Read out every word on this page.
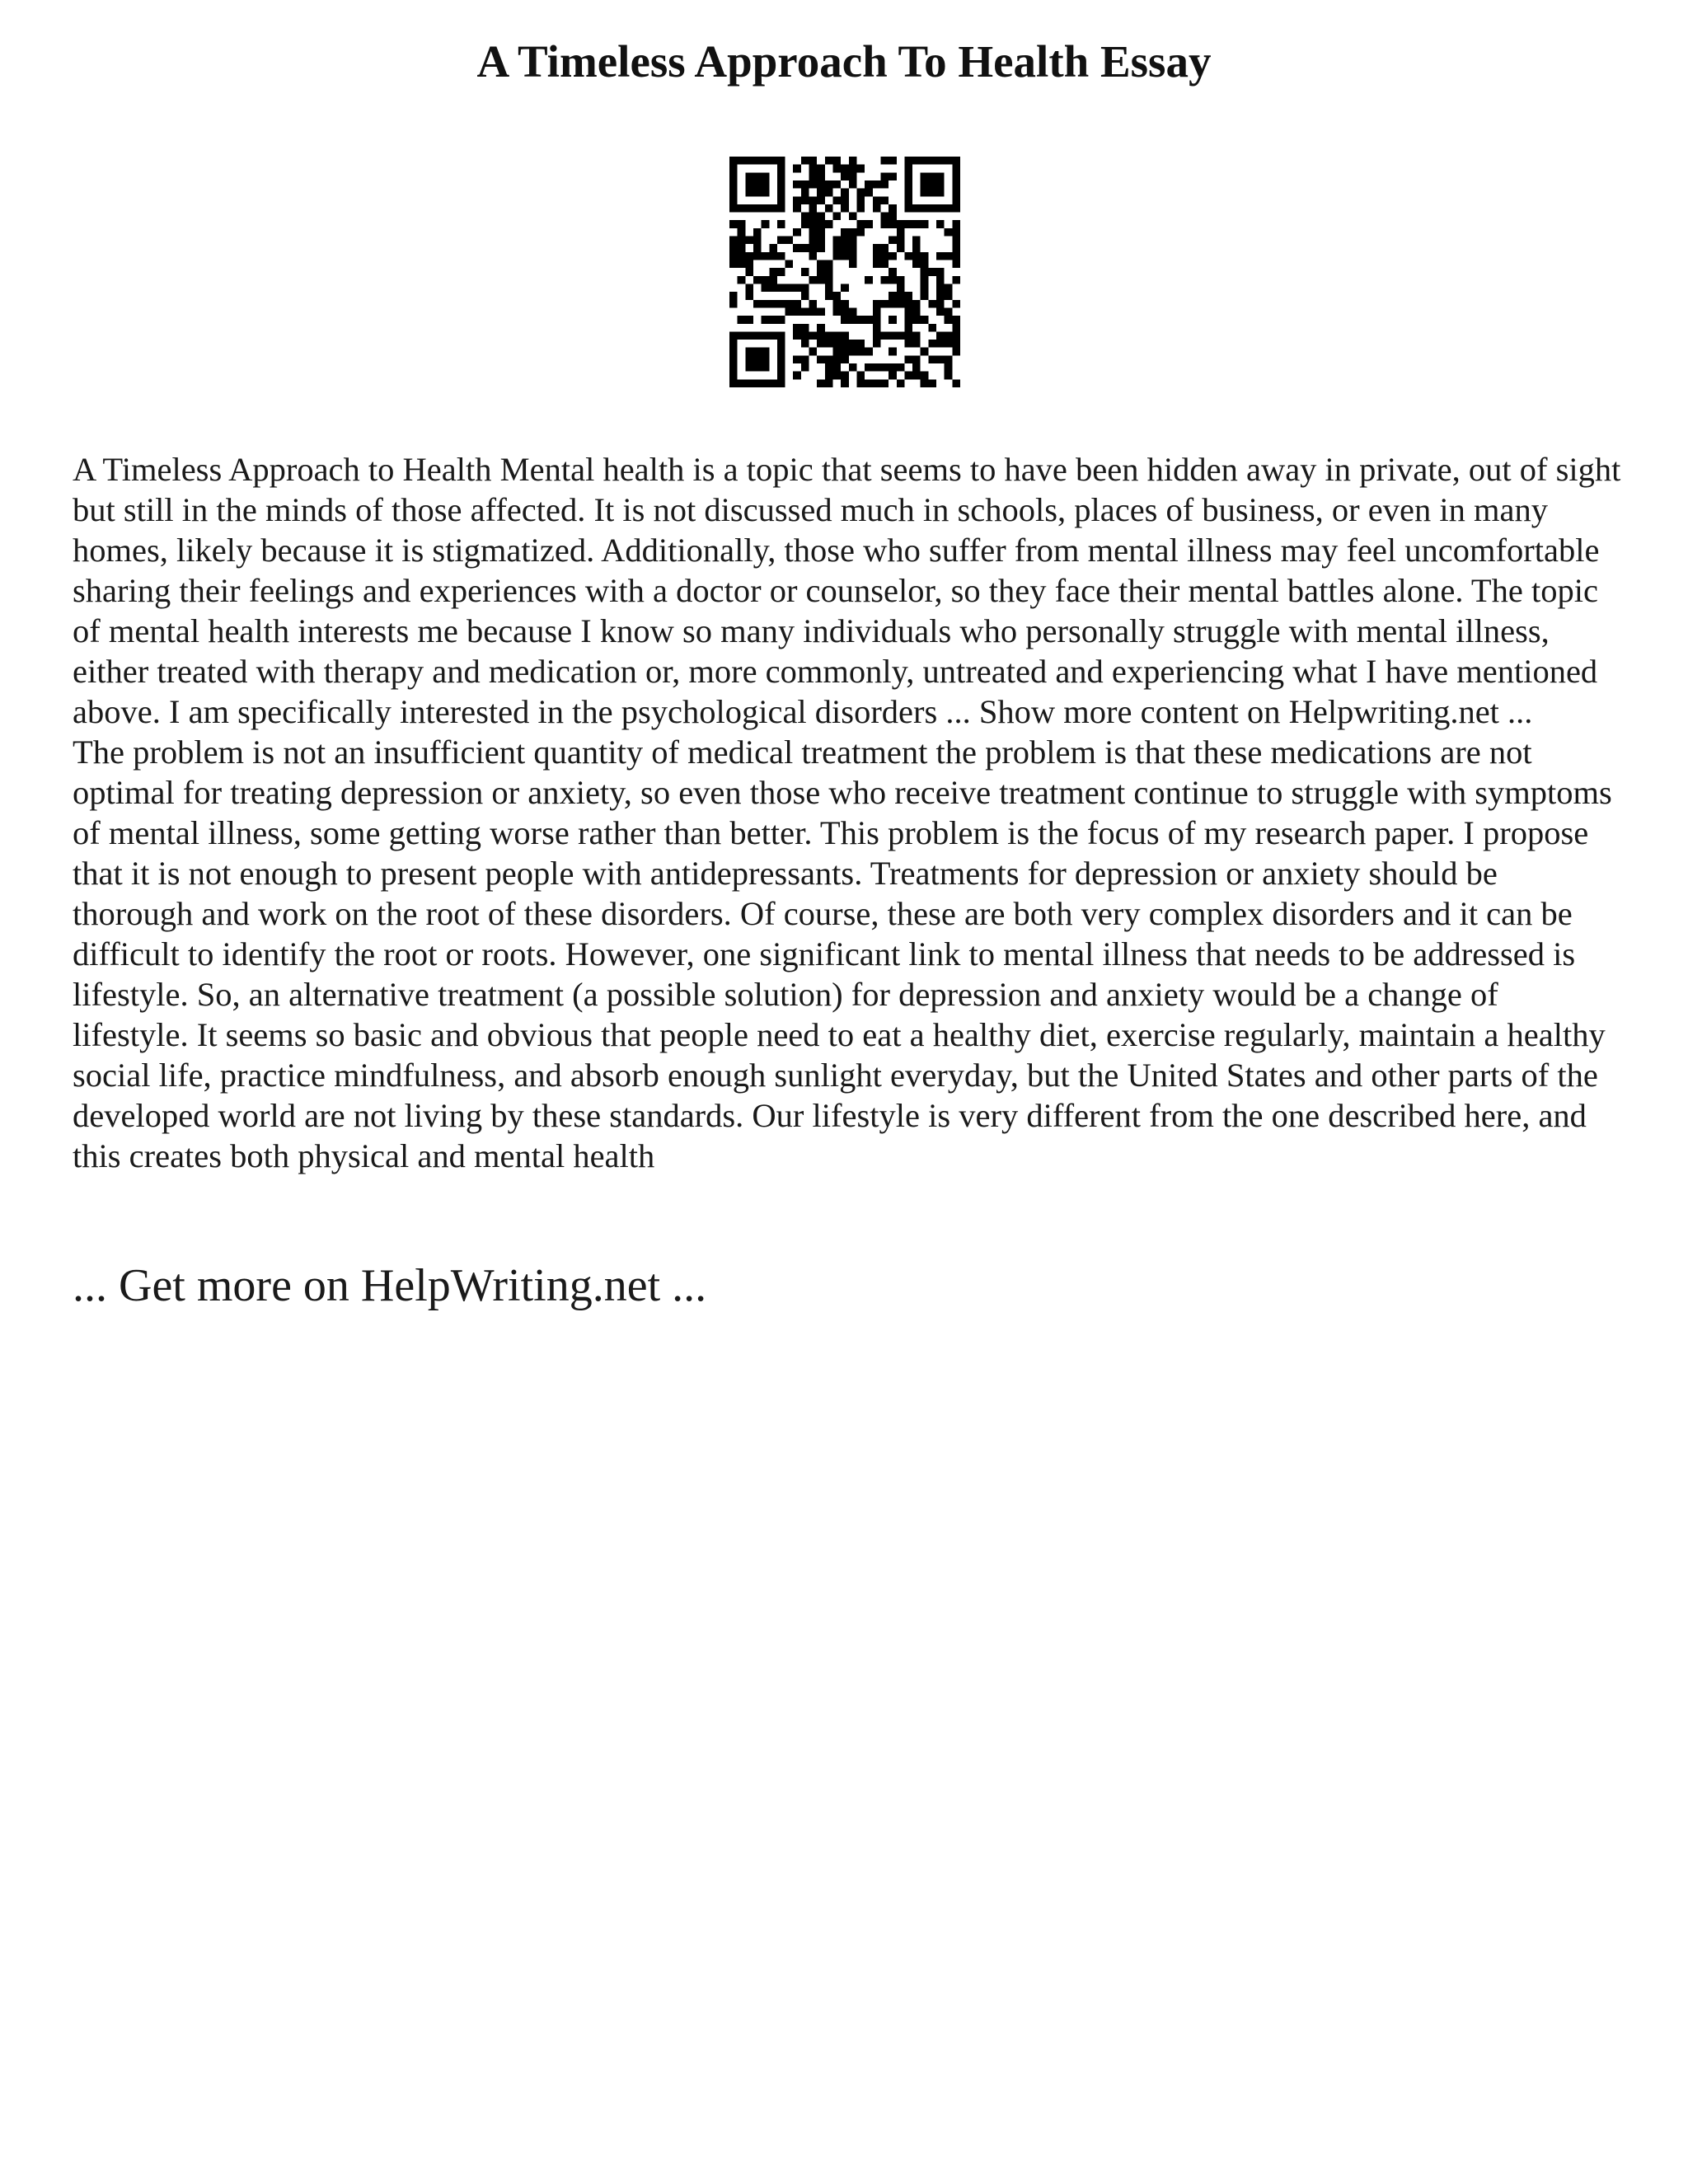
A Timeless Approach To Health Essay

A Timeless Approach to Health Mental health is a topic that seems to have been hidden away in private, out of sight but still in the minds of those affected. It is not discussed much in schools, places of business, or even in many homes, likely because it is stigmatized. Additionally, those who suffer from mental illness may feel uncomfortable sharing their feelings and experiences with a doctor or counselor, so they face their mental battles alone. The topic of mental health interests me because I know so many individuals who personally struggle with mental illness, either treated with therapy and medication or, more commonly, untreated and experiencing what I have mentioned above. I am specifically interested in the psychological disorders ... Show more content on Helpwriting.net ...

The problem is not an insufficient quantity of medical treatment the problem is that these medications are not optimal for treating depression or anxiety, so even those who receive treatment continue to struggle with symptoms of mental illness, some getting worse rather than better. This problem is the focus of my research paper. I propose that it is not enough to present people with antidepressants. Treatments for depression or anxiety should be thorough and work on the root of these disorders. Of course, these are both very complex disorders and it can be difficult to identify the root or roots. However, one significant link to mental illness that needs to be addressed is lifestyle. So, an alternative treatment (a possible solution) for depression and anxiety would be a change of lifestyle. It seems so basic and obvious that people need to eat a healthy diet, exercise regularly, maintain a healthy social life, practice mindfulness, and absorb enough sunlight everyday, but the United States and other parts of the developed world are not living by these standards. Our lifestyle is very different from the one described here, and this creates both physical and mental health

... Get more on HelpWriting.net ...
